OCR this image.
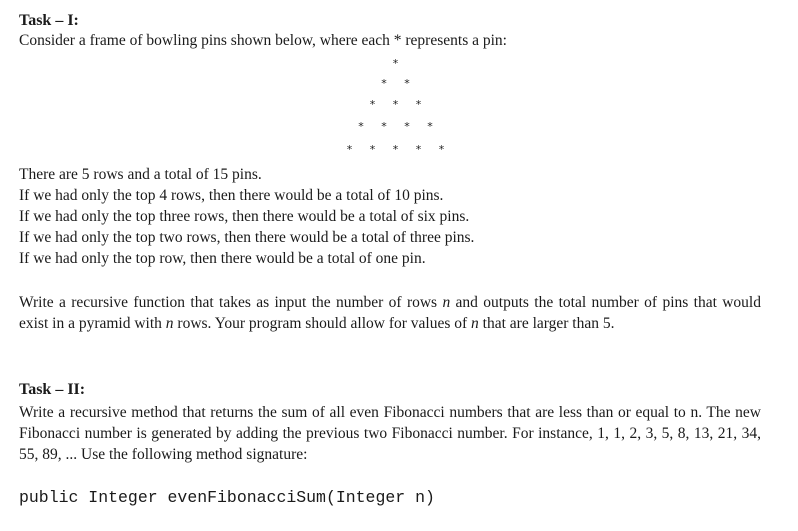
Task – I:
Consider a frame of bowling pins shown below, where each * represents a pin:
*
* *
* * *
* * * *
* * * * *
There are 5 rows and a total of 15 pins.
If we had only the top 4 rows, then there would be a total of 10 pins.
If we had only the top three rows, then there would be a total of six pins.
If we had only the top two rows, then there would be a total of three pins.
If we had only the top row, then there would be a total of one pin.
Write a recursive function that takes as input the number of rows n and outputs the total number of pins that would exist in a pyramid with n rows. Your program should allow for values of n that are larger than 5.
Task – II:
Write a recursive method that returns the sum of all even Fibonacci numbers that are less than or equal to n. The new Fibonacci number is generated by adding the previous two Fibonacci number. For instance, 1, 1, 2, 3, 5, 8, 13, 21, 34, 55, 89, ... Use the following method signature:
public Integer evenFibonacciSum(Integer n)
